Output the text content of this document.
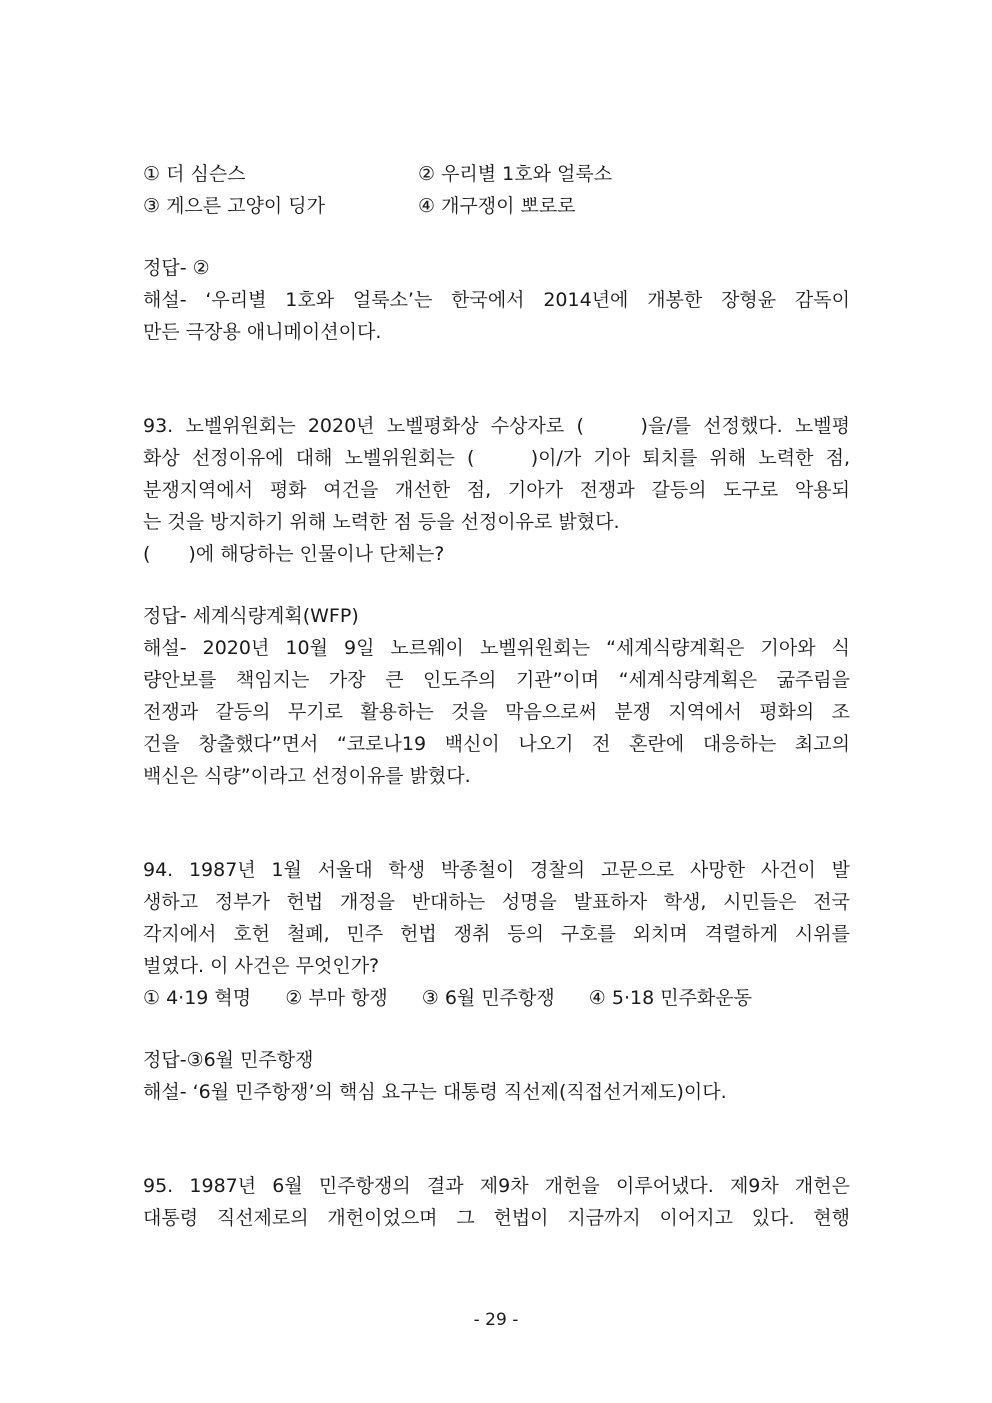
① 더 심슨스	② 우리별 1호와 얼룩소
③ 게으른 고양이 딩가	④ 개구쟁이 뽀로로
정답- ②
해설- ‘우리별 1호와 얼룩소’는 한국에서 2014년에 개봉한 장형윤 감독이
만든 극장용 애니메이션이다.
93. 노벨위원회는 2020년 노벨평화상 수상자로 (　　)을/를 선정했다. 노벨평
화상 선정이유에 대해 노벨위원회는 (　　)이/가 기아 퇴치를 위해 노력한 점,
분쟁지역에서 평화 여건을 개선한 점, 기아가 전쟁과 갈등의 도구로 악용되
는 것을 방지하기 위해 노력한 점 등을 선정이유로 밝혔다.
(　　)에 해당하는 인물이나 단체는?
정답- 세계식량계획(WFP)
해설- 2020년 10월 9일 노르웨이 노벨위원회는 “세계식량계획은 기아와 식
량안보를 책임지는 가장 큰 인도주의 기관”이며 “세계식량계획은 굶주림을
전쟁과 갈등의 무기로 활용하는 것을 막음으로써 분쟁 지역에서 평화의 조
건을 창출했다”면서 “코로나19 백신이 나오기 전 혼란에 대응하는 최고의
백신은 식량”이라고 선정이유를 밝혔다.
94. 1987년 1월 서울대 학생 박종철이 경찰의 고문으로 사망한 사건이 발
생하고 정부가 헌법 개정을 반대하는 성명을 발표하자 학생, 시민들은 전국
각지에서 호헌 철폐, 민주 헌법 쟁취 등의 구호를 외치며 격렬하게 시위를
벌였다. 이 사건은 무엇인가?
① 4·19 혁명 ② 부마 항쟁 ③ 6월 민주항쟁 ④ 5·18 민주화운동
정답-③6월 민주항쟁
해설- ‘6월 민주항쟁’의 핵심 요구는 대통령 직선제(직접선거제도)이다.
95. 1987년 6월 민주항쟁의 결과 제9차 개헌을 이루어냈다. 제9차 개헌은
대통령 직선제로의 개헌이었으며 그 헌법이 지금까지 이어지고 있다. 현행
- 29 -
